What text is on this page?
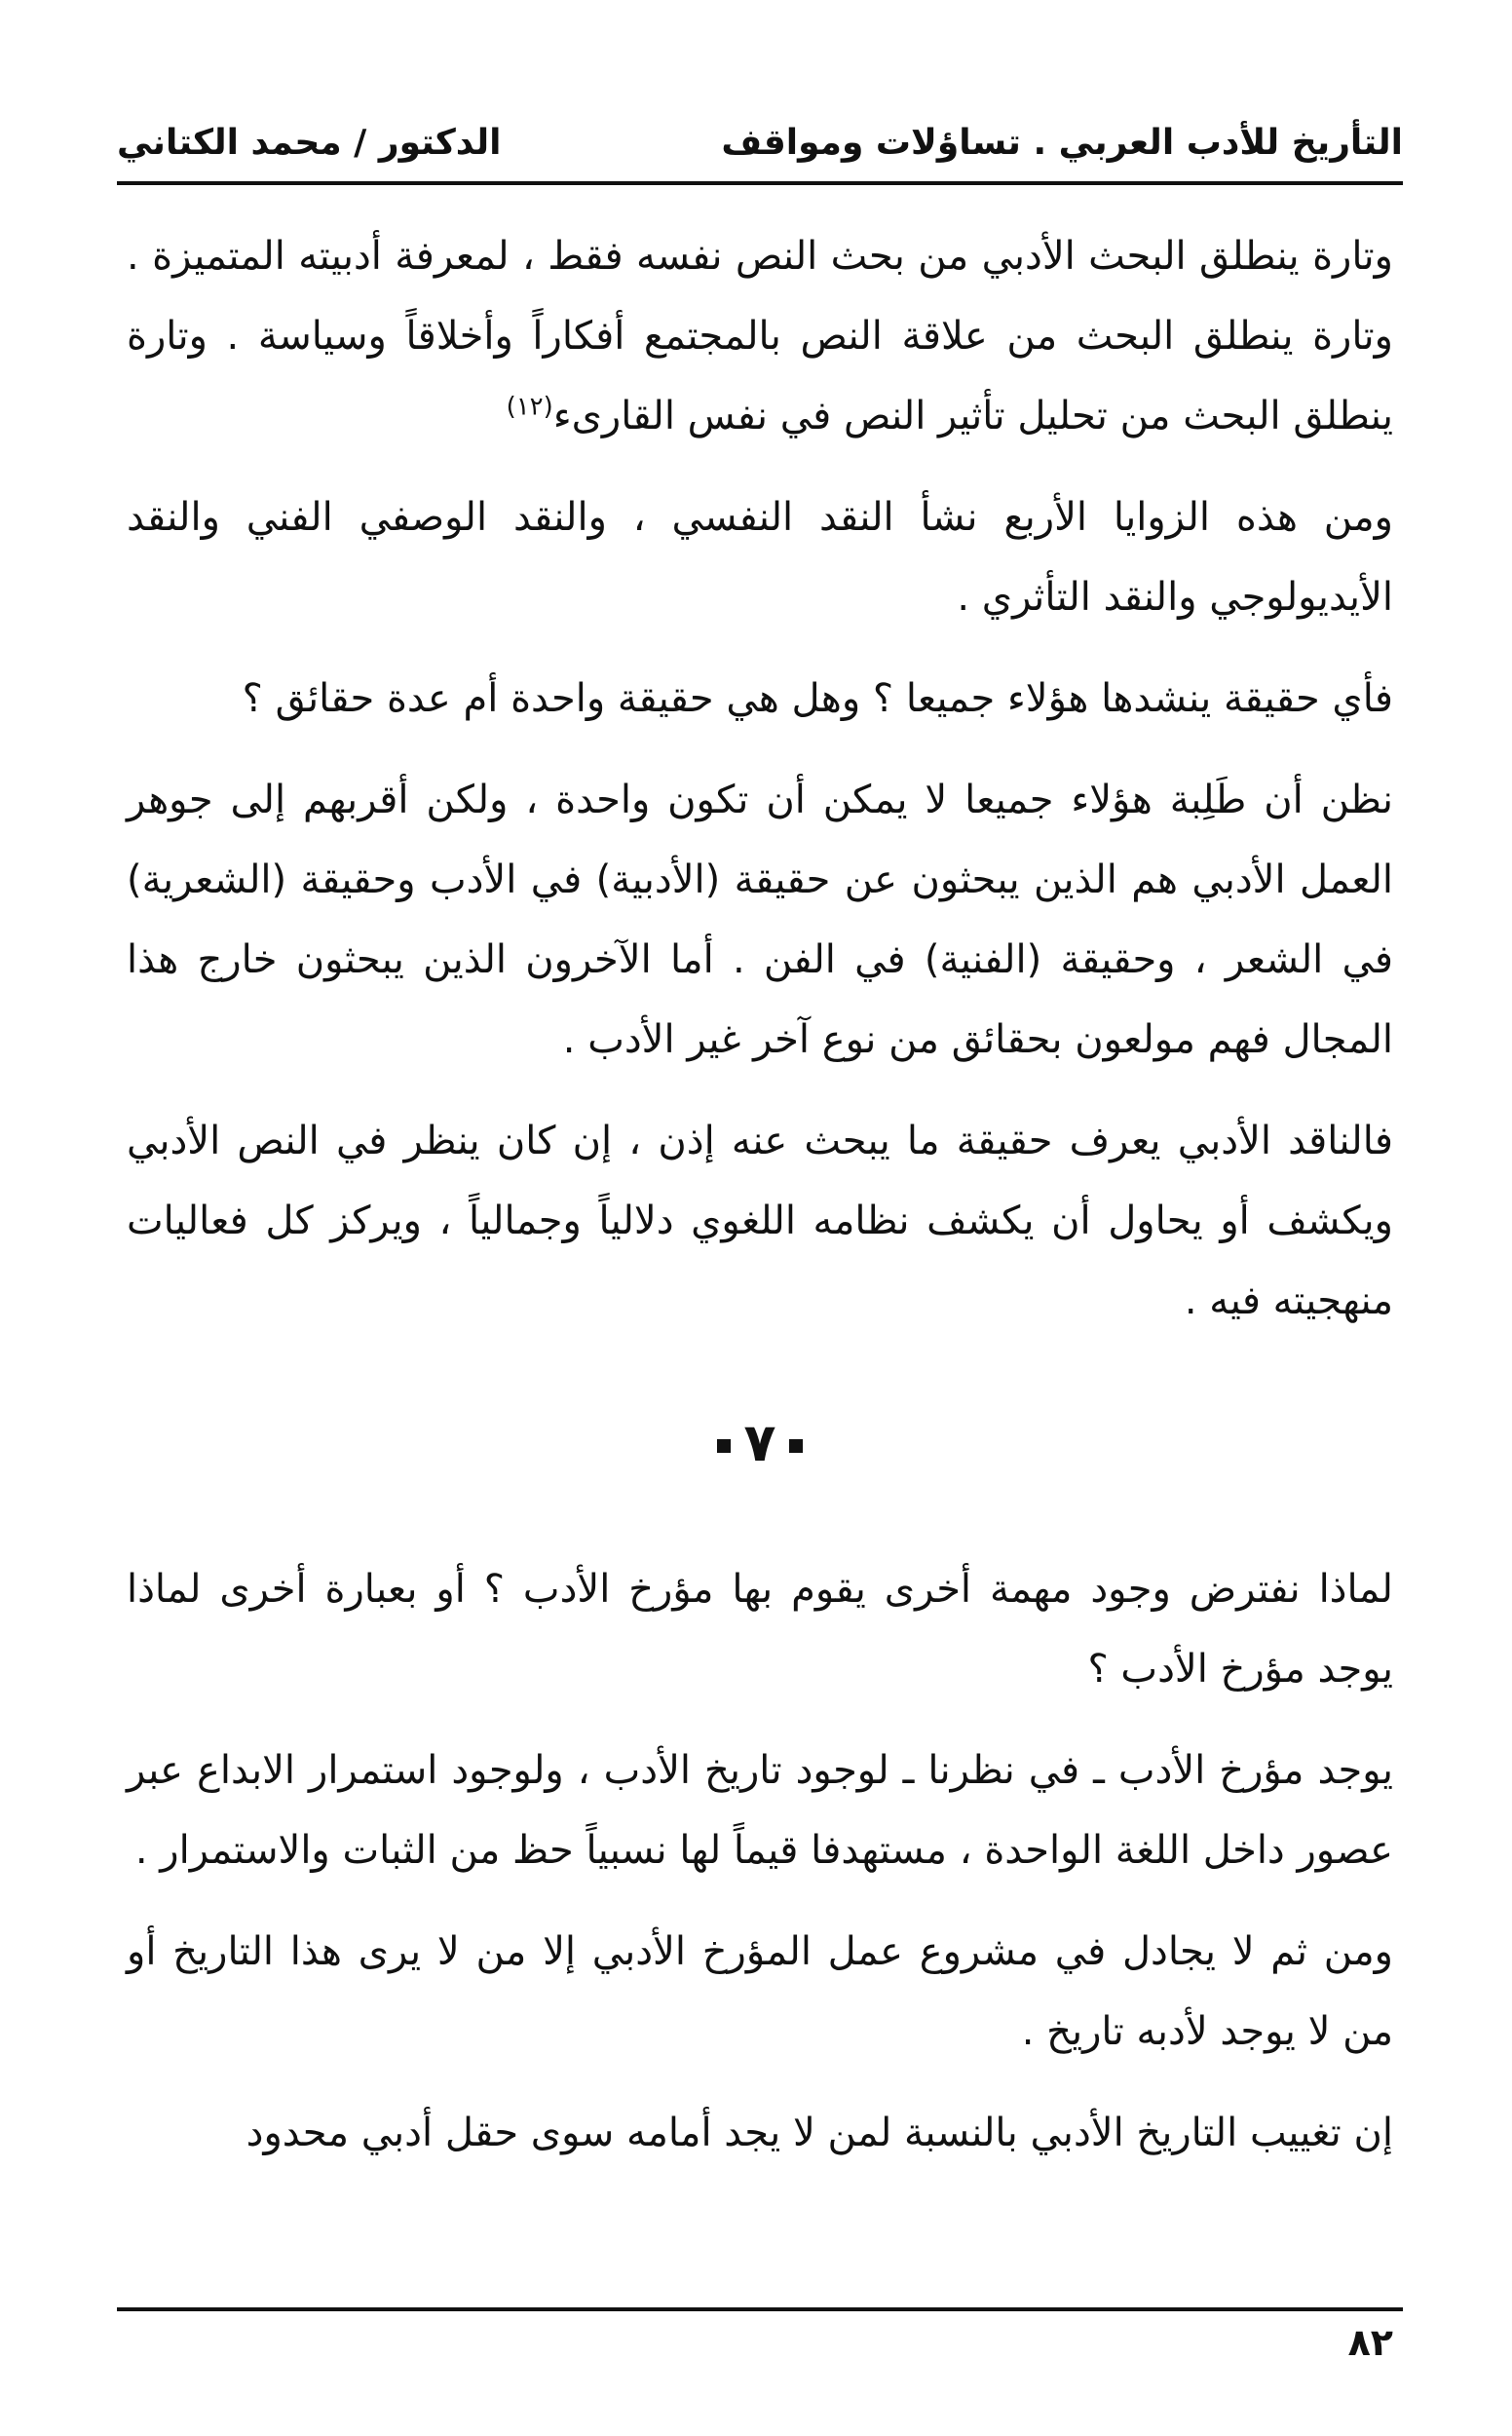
التأريخ للأدب العربي . تساؤلات ومواقف
الدكتور / محمد الكتاني

وتارة ينطلق البحث الأدبي من بحث النص نفسه فقط ، لمعرفة أدبيته المتميزة . وتارة ينطلق البحث من علاقة النص بالمجتمع أفكاراً وأخلاقاً وسياسة . وتارة ينطلق البحث من تحليل تأثير النص في نفس القارىء$^{(١٢)}$

ومن هذه الزوايا الأربع نشأ النقد النفسي ، والنقد الوصفي الفني والنقد الأيديولوجي والنقد التأثري .

فأي حقيقة ينشدها هؤلاء جميعا ؟ وهل هي حقيقة واحدة أم عدة حقائق ؟

نظن أن طَلِبة هؤلاء جميعا لا يمكن أن تكون واحدة ، ولكن أقربهم إلى جوهر العمل الأدبي هم الذين يبحثون عن حقيقة (الأدبية) في الأدب وحقيقة (الشعرية) في الشعر ، وحقيقة (الفنية) في الفن . أما الآخرون الذين يبحثون خارج هذا المجال فهم مولعون بحقائق من نوع آخر غير الأدب .

فالناقد الأدبي يعرف حقيقة ما يبحث عنه إذن ، إن كان ينظر في النص الأدبي ويكشف أو يحاول أن يكشف نظامه اللغوي دلالياً وجمالياً ، ويركز كل فعاليات منهجيته فيه .

٧

لماذا نفترض وجود مهمة أخرى يقوم بها مؤرخ الأدب ؟ أو بعبارة أخرى لماذا يوجد مؤرخ الأدب ؟

يوجد مؤرخ الأدب ـ في نظرنا ـ لوجود تاريخ الأدب ، ولوجود استمرار الابداع عبر عصور داخل اللغة الواحدة ، مستهدفا قيماً لها نسبياً حظ من الثبات والاستمرار .

ومن ثم لا يجادل في مشروع عمل المؤرخ الأدبي إلا من لا يرى هذا التاريخ أو من لا يوجد لأدبه تاريخ .

إن تغييب التاريخ الأدبي بالنسبة لمن لا يجد أمامه سوى حقل أدبي محدود

٨٢
